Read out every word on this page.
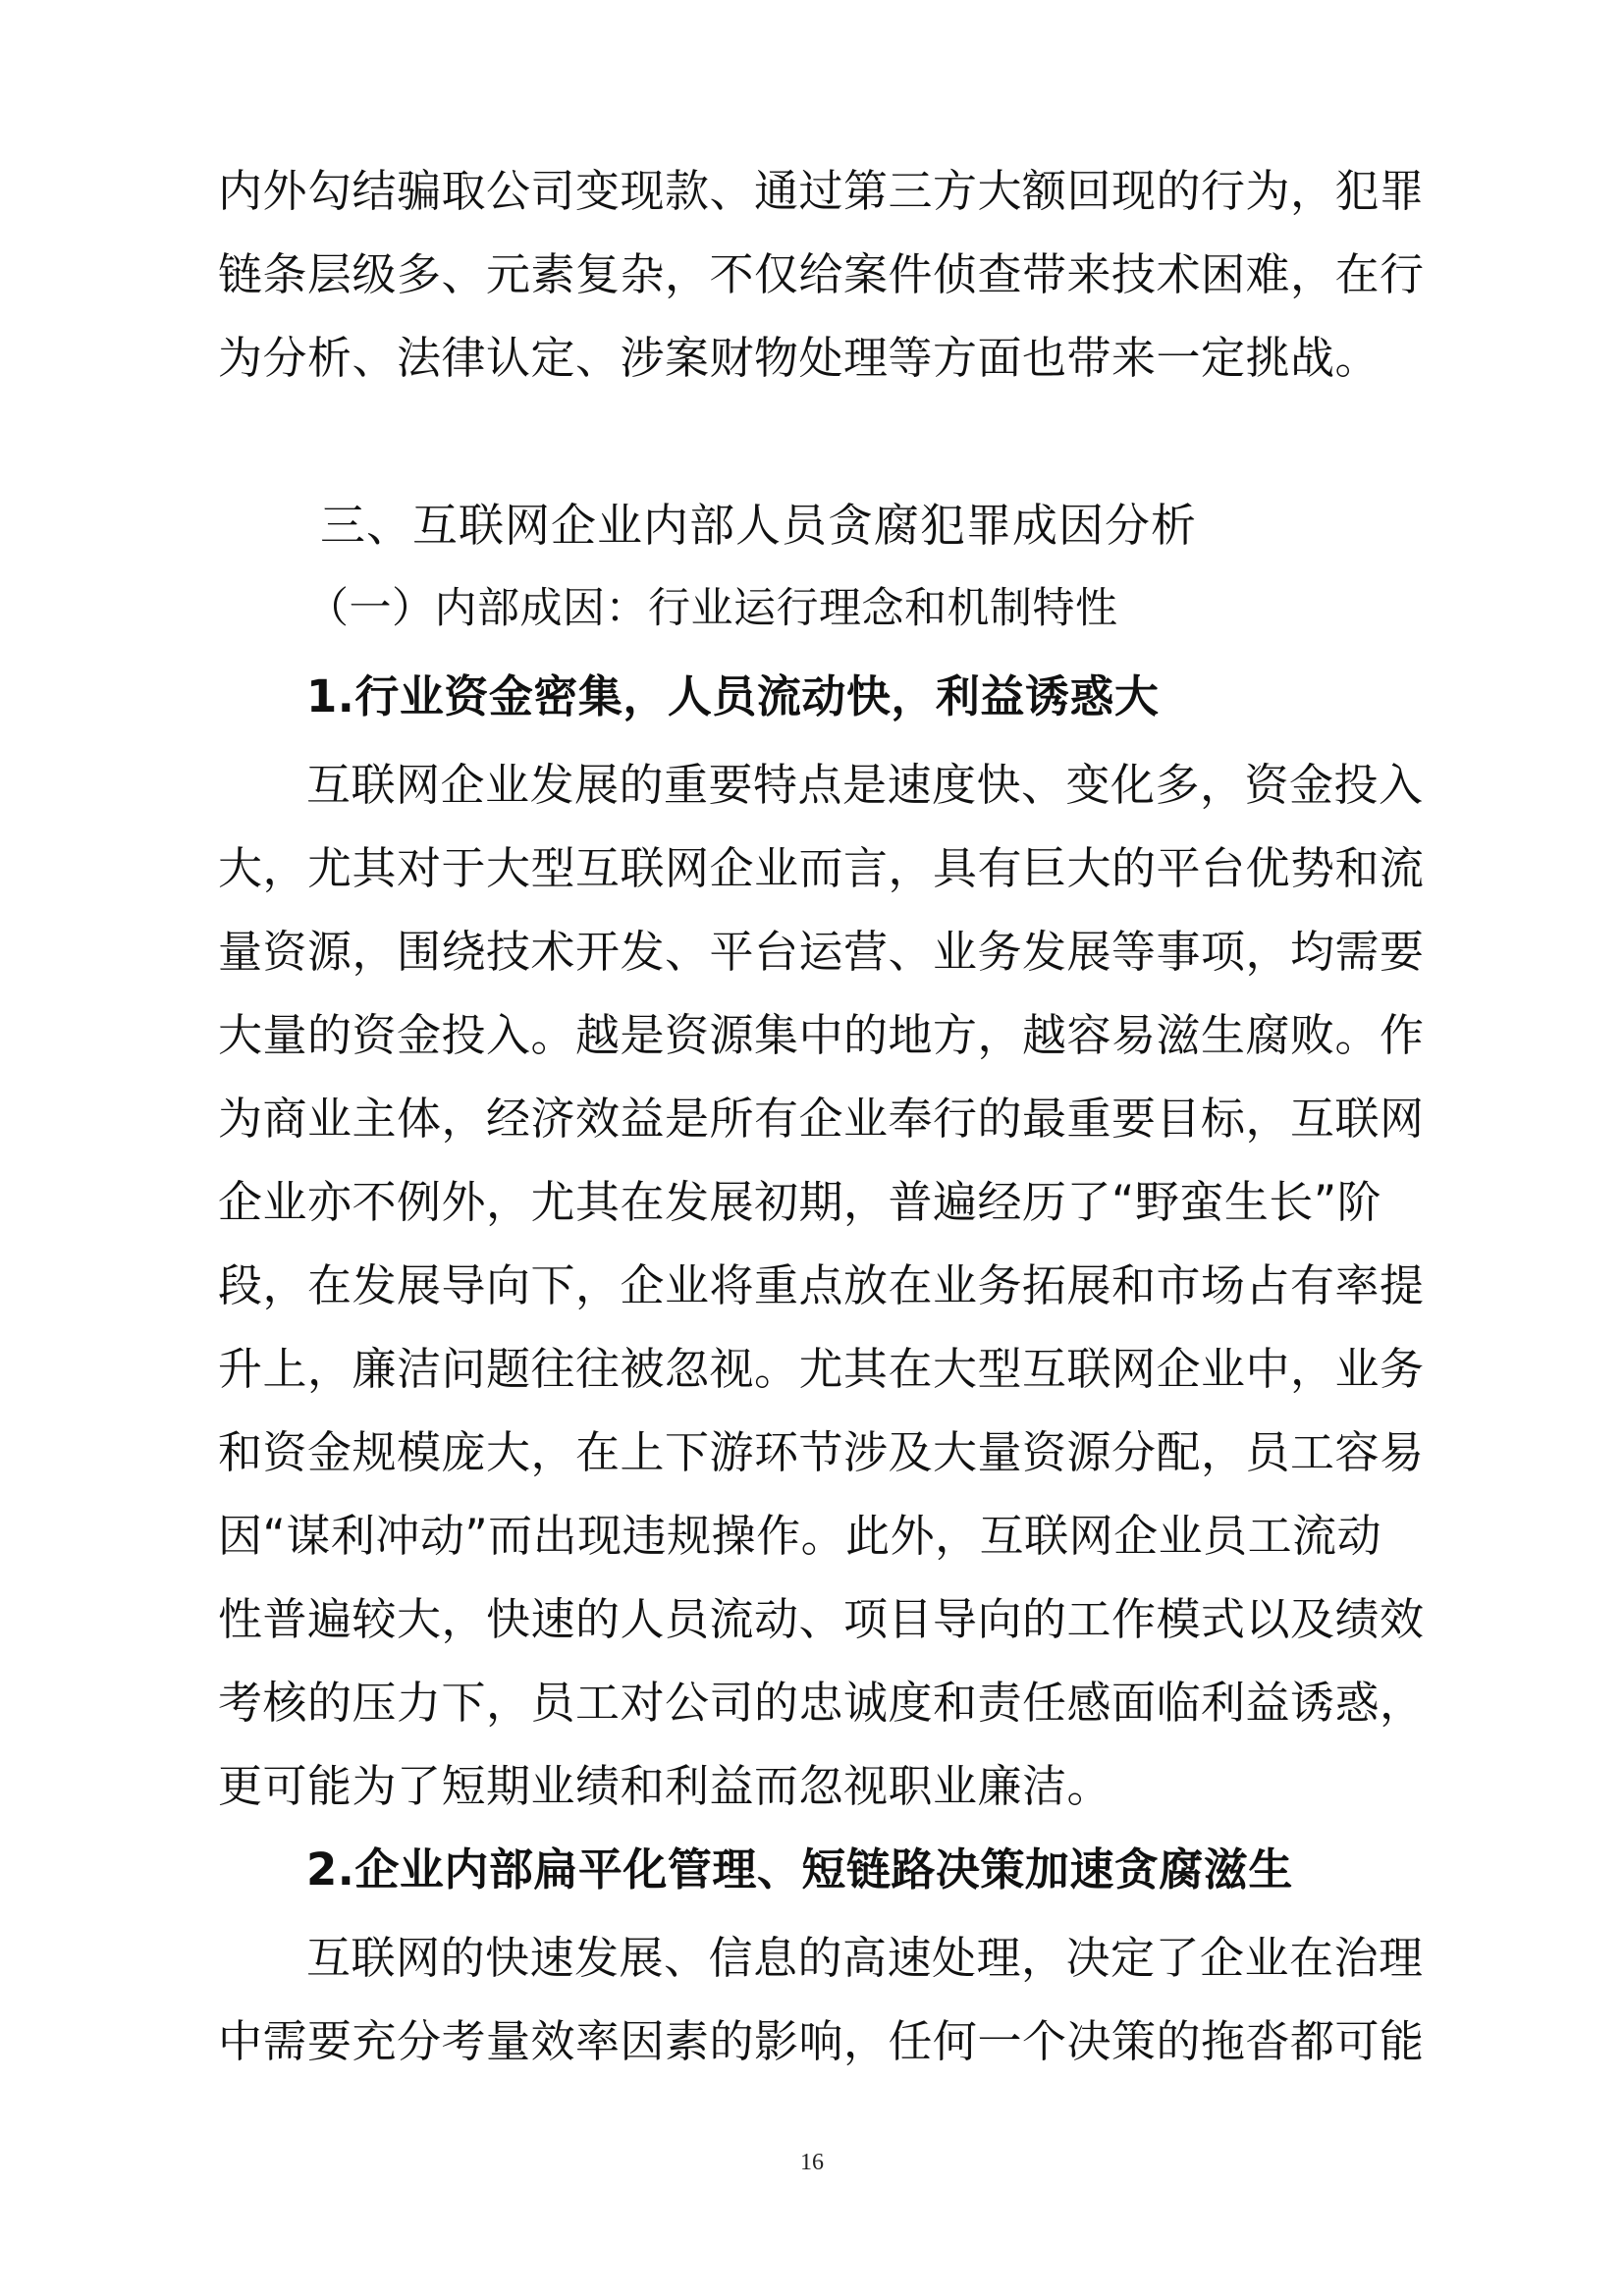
内外勾结骗取公司变现款、通过第三方大额回现的行为，犯罪
链条层级多、元素复杂，不仅给案件侦查带来技术困难，在行
为分析、法律认定、涉案财物处理等方面也带来一定挑战。
三、互联网企业内部人员贪腐犯罪成因分析
（一）内部成因：行业运行理念和机制特性
1.行业资金密集，人员流动快，利益诱惑大
互联网企业发展的重要特点是速度快、变化多，资金投入
大，尤其对于大型互联网企业而言，具有巨大的平台优势和流
量资源，围绕技术开发、平台运营、业务发展等事项，均需要
大量的资金投入。越是资源集中的地方，越容易滋生腐败。作
为商业主体，经济效益是所有企业奉行的最重要目标，互联网
企业亦不例外，尤其在发展初期，普遍经历了“野蛮生长”阶
段，在发展导向下，企业将重点放在业务拓展和市场占有率提
升上，廉洁问题往往被忽视。尤其在大型互联网企业中，业务
和资金规模庞大，在上下游环节涉及大量资源分配，员工容易
因“谋利冲动”而出现违规操作。此外，互联网企业员工流动
性普遍较大，快速的人员流动、项目导向的工作模式以及绩效
考核的压力下，员工对公司的忠诚度和责任感面临利益诱惑，
更可能为了短期业绩和利益而忽视职业廉洁。
2.企业内部扁平化管理、短链路决策加速贪腐滋生
互联网的快速发展、信息的高速处理，决定了企业在治理
中需要充分考量效率因素的影响，任何一个决策的拖沓都可能
16
